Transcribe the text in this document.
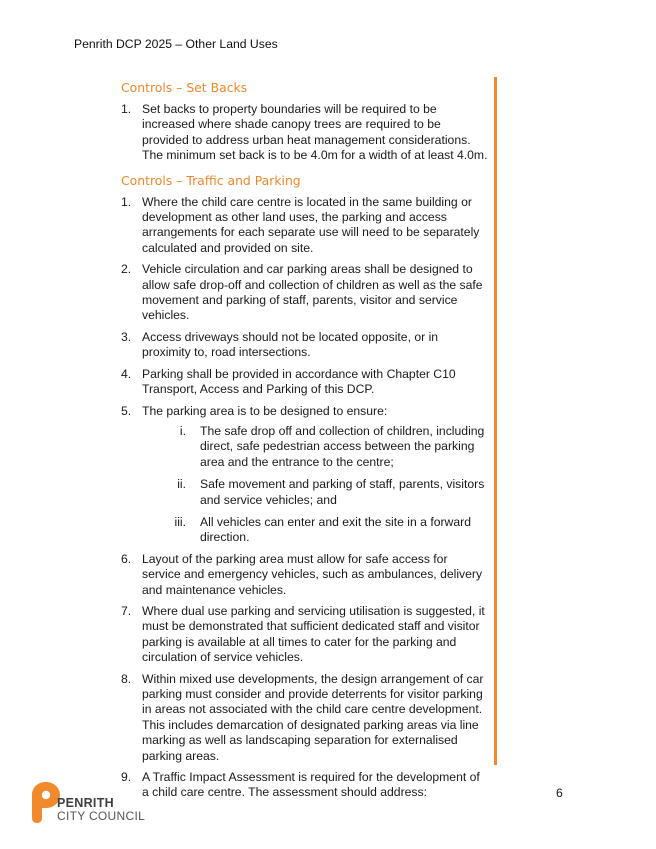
Penrith DCP 2025 – Other Land Uses
Controls – Set Backs
1. Set backs to property boundaries will be required to be increased where shade canopy trees are required to be provided to address urban heat management considerations. The minimum set back is to be 4.0m for a width of at least 4.0m.
Controls – Traffic and Parking
1. Where the child care centre is located in the same building or development as other land uses, the parking and access arrangements for each separate use will need to be separately calculated and provided on site.
2. Vehicle circulation and car parking areas shall be designed to allow safe drop-off and collection of children as well as the safe movement and parking of staff, parents, visitor and service vehicles.
3. Access driveways should not be located opposite, or in proximity to, road intersections.
4. Parking shall be provided in accordance with Chapter C10 Transport, Access and Parking of this DCP.
5. The parking area is to be designed to ensure:
i. The safe drop off and collection of children, including direct, safe pedestrian access between the parking area and the entrance to the centre;
ii. Safe movement and parking of staff, parents, visitors and service vehicles; and
iii. All vehicles can enter and exit the site in a forward direction.
6. Layout of the parking area must allow for safe access for service and emergency vehicles, such as ambulances, delivery and maintenance vehicles.
7. Where dual use parking and servicing utilisation is suggested, it must be demonstrated that sufficient dedicated staff and visitor parking is available at all times to cater for the parking and circulation of service vehicles.
8. Within mixed use developments, the design arrangement of car parking must consider and provide deterrents for visitor parking in areas not associated with the child care centre development. This includes demarcation of designated parking areas via line marking as well as landscaping separation for externalised parking areas.
9. A Traffic Impact Assessment is required for the development of a child care centre. The assessment should address:	6
PENRITH
CITY COUNCIL
